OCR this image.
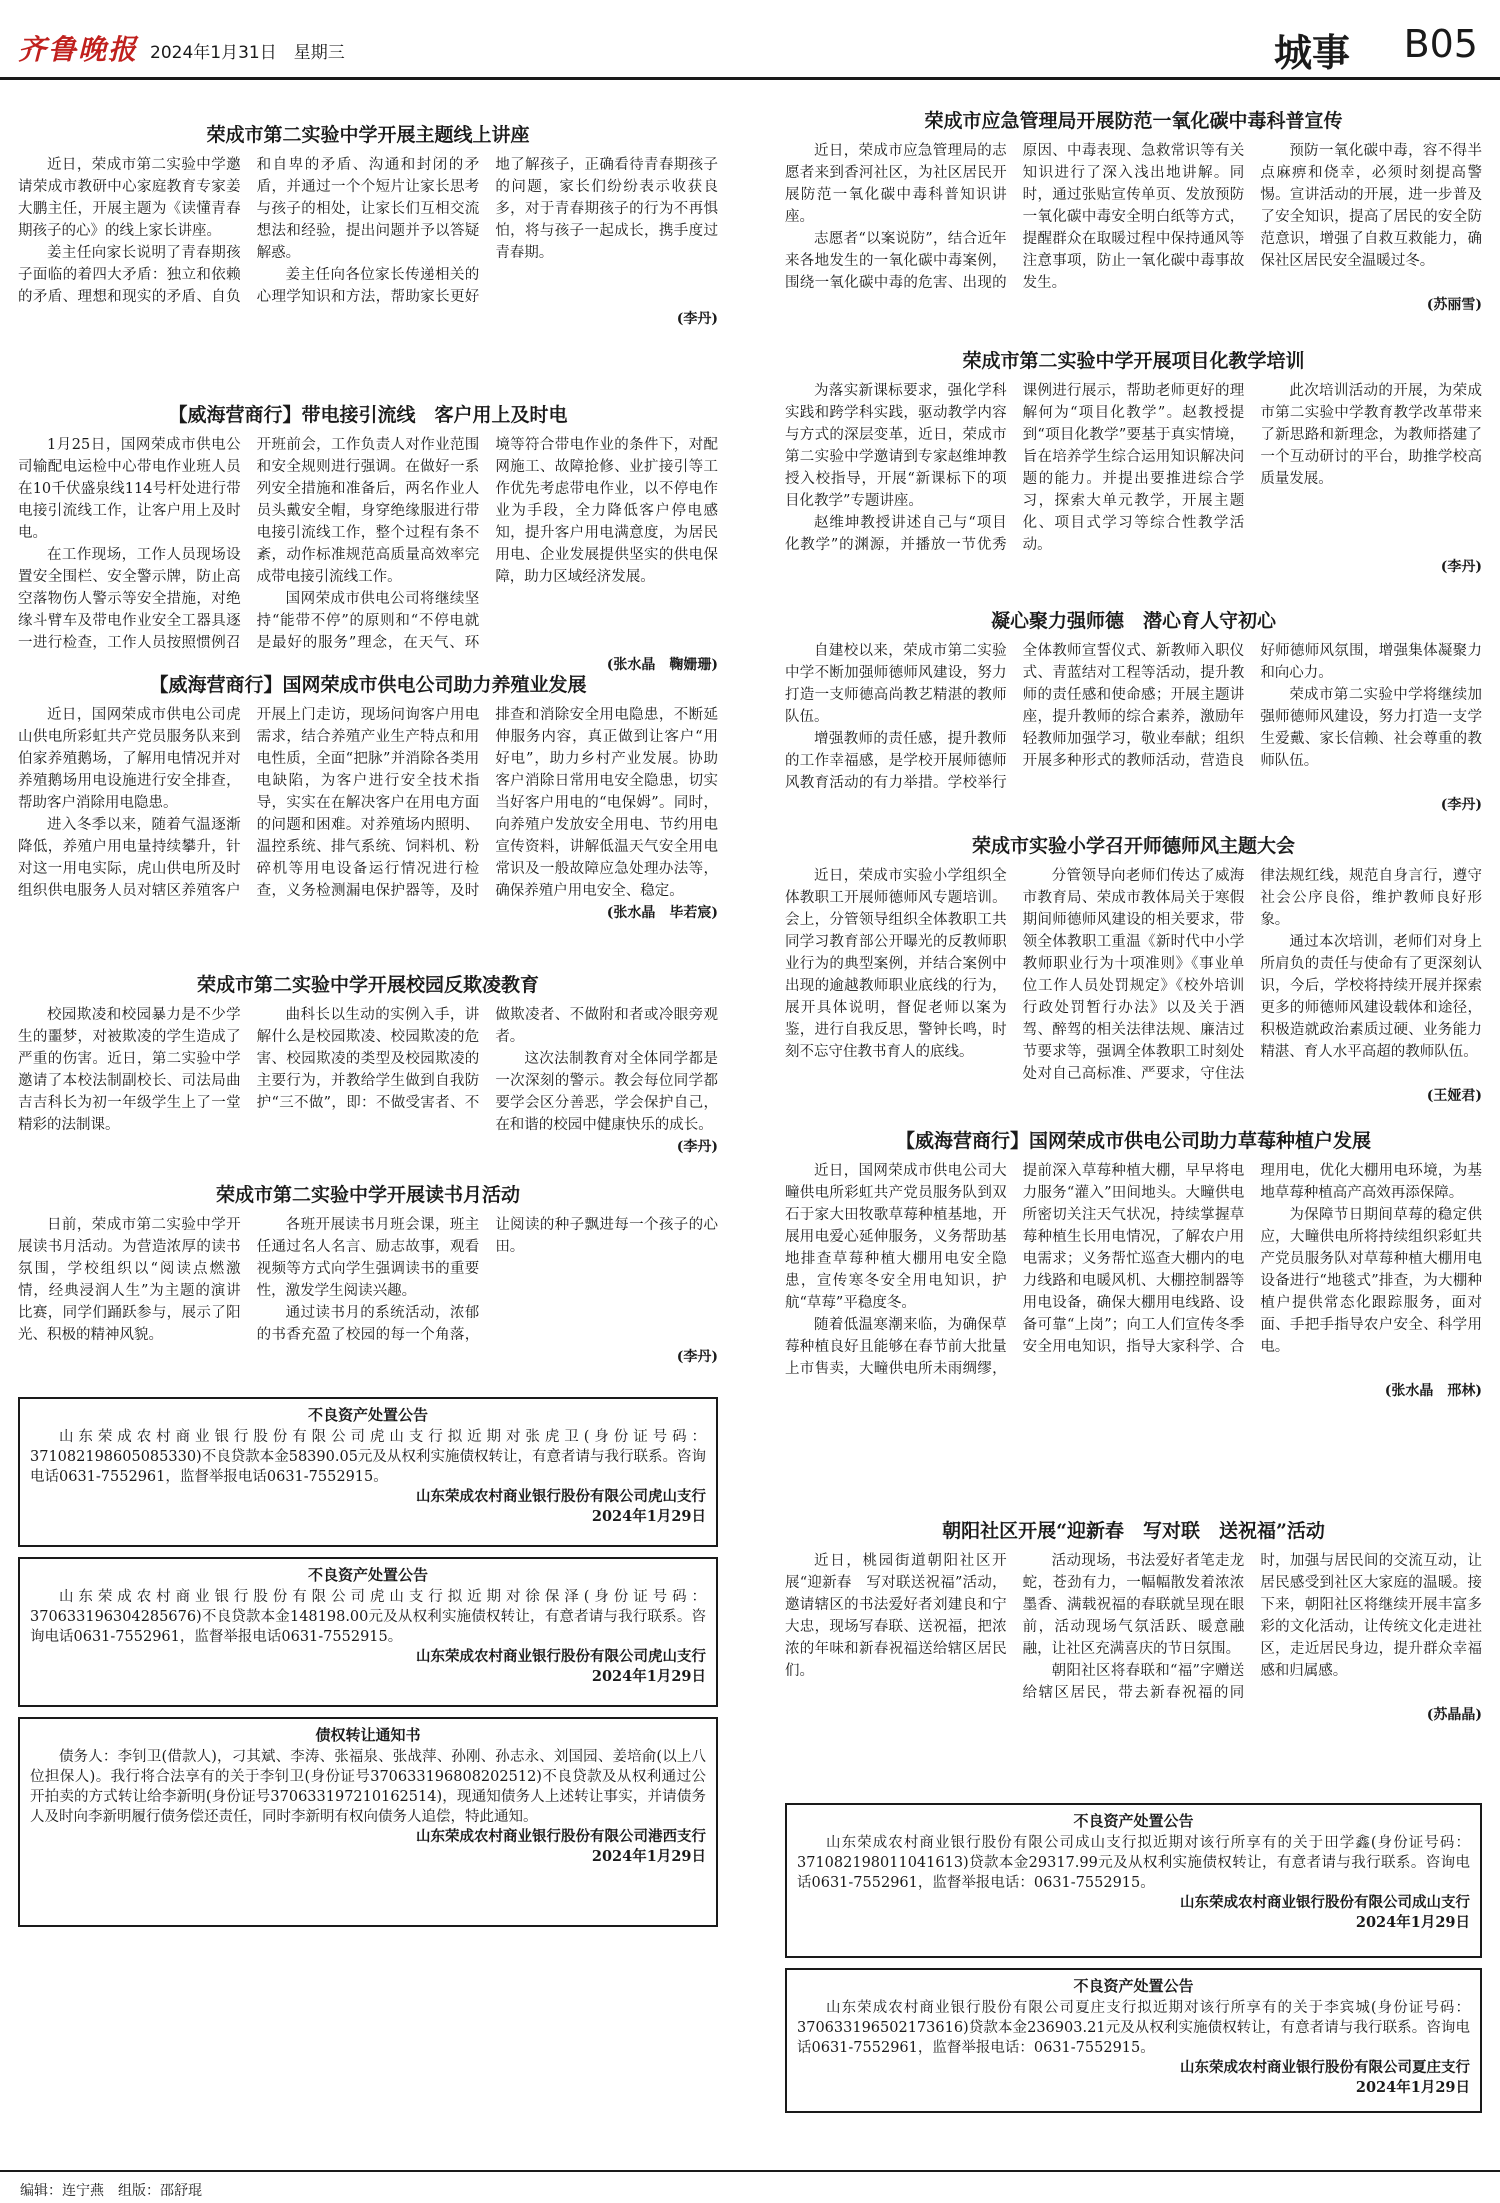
齐鲁晚报 2024年1月31日　星期三	城事 B05
荣成市第二实验中学开展主题线上讲座

近日，荣成市第二实验中学邀请荣成市教研中心家庭教育专家姜大鹏主任，开展主题为《读懂青春期孩子的心》的线上家长讲座。

姜主任向家长说明了青春期孩子面临的着四大矛盾：独立和依赖的矛盾、理想和现实的矛盾、自负和自卑的矛盾、沟通和封闭的矛盾，并通过一个个短片让家长思考与孩子的相处，让家长们互相交流想法和经验，提出问题并予以答疑解惑。

姜主任向各位家长传递相关的心理学知识和方法，帮助家长更好地了解孩子，正确看待青春期孩子的问题，家长们纷纷表示收获良多，对于青春期孩子的行为不再惧怕，将与孩子一起成长，携手度过青春期。

(李丹)
【威海营商行】带电接引流线　客户用上及时电

1月25日，国网荣成市供电公司输配电运检中心带电作业班人员在10千伏盛泉线114号杆处进行带电接引流线工作，让客户用上及时电。

在工作现场，工作人员现场设置安全围栏、安全警示牌，防止高空落物伤人警示等安全措施，对绝缘斗臂车及带电作业安全工器具逐一进行检查，工作人员按照惯例召开班前会，工作负责人对作业范围和安全规则进行强调。在做好一系列安全措施和准备后，两名作业人员头戴安全帽，身穿绝缘服进行带电接引流线工作，整个过程有条不紊，动作标准规范高质量高效率完成带电接引流线工作。

国网荣成市供电公司将继续坚持“能带不停”的原则和“不停电就是最好的服务”理念，在天气、环境等符合带电作业的条件下，对配网施工、故障抢修、业扩接引等工作优先考虑带电作业，以不停电作业为手段，全力降低客户停电感知，提升客户用电满意度，为居民用电、企业发展提供坚实的供电保障，助力区域经济发展。

(张水晶　鞠姗珊)
【威海营商行】国网荣成市供电公司助力养殖业发展

近日，国网荣成市供电公司虎山供电所彩虹共产党员服务队来到伯家养殖鹅场，了解用电情况并对养殖鹅场用电设施进行安全排查，帮助客户消除用电隐患。

进入冬季以来，随着气温逐渐降低，养殖户用电量持续攀升，针对这一用电实际，虎山供电所及时组织供电服务人员对辖区养殖客户开展上门走访，现场问询客户用电需求，结合养殖产业生产特点和用电性质，全面“把脉”并消除各类用电缺陷，为客户进行安全技术指导，实实在在解决客户在用电方面的问题和困难。对养殖场内照明、温控系统、排气系统、饲料机、粉碎机等用电设备运行情况进行检查，义务检测漏电保护器等，及时排查和消除安全用电隐患，不断延伸服务内容，真正做到让客户“用好电”，助力乡村产业发展。协助客户消除日常用电安全隐患，切实当好客户用电的“电保姆”。同时，向养殖户发放安全用电、节约用电宣传资料，讲解低温天气安全用电常识及一般故障应急处理办法等，确保养殖户用电安全、稳定。

(张水晶　毕若宸)
荣成市第二实验中学开展校园反欺凌教育

校园欺凌和校园暴力是不少学生的噩梦，对被欺凌的学生造成了严重的伤害。近日，第二实验中学邀请了本校法制副校长、司法局曲吉吉科长为初一年级学生上了一堂精彩的法制课。

曲科长以生动的实例入手，讲解什么是校园欺凌、校园欺凌的危害、校园欺凌的类型及校园欺凌的主要行为，并教给学生做到自我防护“三不做”，即：不做受害者、不做欺凌者、不做附和者或冷眼旁观者。

这次法制教育对全体同学都是一次深刻的警示。教会每位同学都要学会区分善恶，学会保护自己，在和谐的校园中健康快乐的成长。

(李丹)
荣成市第二实验中学开展读书月活动

日前，荣成市第二实验中学开展读书月活动。为营造浓厚的读书氛围，学校组织以“阅读点燃激情，经典浸润人生”为主题的演讲比赛，同学们踊跃参与，展示了阳光、积极的精神风貌。

各班开展读书月班会课，班主任通过名人名言、励志故事，观看视频等方式向学生强调读书的重要性，激发学生阅读兴趣。

通过读书月的系统活动，浓郁的书香充盈了校园的每一个角落，让阅读的种子飘进每一个孩子的心田。

(李丹)
不良资产处置公告

山东荣成农村商业银行股份有限公司虎山支行拟近期对张虎卫(身份证号码：371082198605085330)不良贷款本金58390.05元及从权利实施债权转让，有意者请与我行联系。咨询电话0631-7552961，监督举报电话0631-7552915。

山东荣成农村商业银行股份有限公司虎山支行

2024年1月29日

不良资产处置公告

山东荣成农村商业银行股份有限公司虎山支行拟近期对徐保泽(身份证号码：370633196304285676)不良贷款本金148198.00元及从权利实施债权转让，有意者请与我行联系。咨询电话0631-7552961，监督举报电话0631-7552915。

山东荣成农村商业银行股份有限公司虎山支行

2024年1月29日

债权转让通知书

债务人：李钊卫(借款人)，刁其斌、李涛、张福泉、张战萍、孙刚、孙志永、刘国园、姜培俞(以上八位担保人)。我行将合法享有的关于李钊卫(身份证号370633196808202512)不良贷款及从权利通过公开拍卖的方式转让给李新明(身份证号370633197210162514)，现通知债务人上述转让事实，并请债务人及时向李新明履行债务偿还责任，同时李新明有权向债务人追偿，特此通知。

山东荣成农村商业银行股份有限公司港西支行

2024年1月29日

荣成市应急管理局开展防范一氧化碳中毒科普宣传

近日，荣成市应急管理局的志愿者来到香河社区，为社区居民开展防范一氧化碳中毒科普知识讲座。

志愿者“以案说防”，结合近年来各地发生的一氧化碳中毒案例，围绕一氧化碳中毒的危害、出现的原因、中毒表现、急救常识等有关知识进行了深入浅出地讲解。同时，通过张贴宣传单页、发放预防一氧化碳中毒安全明白纸等方式，提醒群众在取暖过程中保持通风等注意事项，防止一氧化碳中毒事故发生。

预防一氧化碳中毒，容不得半点麻痹和侥幸，必须时刻提高警惕。宣讲活动的开展，进一步普及了安全知识，提高了居民的安全防范意识，增强了自救互救能力，确保社区居民安全温暖过冬。

(苏丽雪)
荣成市第二实验中学开展项目化教学培训

为落实新课标要求，强化学科实践和跨学科实践，驱动教学内容与方式的深层变革，近日，荣成市第二实验中学邀请到专家赵维坤教授入校指导，开展“新课标下的项目化教学”专题讲座。

赵维坤教授讲述自己与“项目化教学”的渊源，并播放一节优秀课例进行展示，帮助老师更好的理解何为“项目化教学”。赵教授提到“项目化教学”要基于真实情境，旨在培养学生综合运用知识解决问题的能力。并提出要推进综合学习，探索大单元教学，开展主题化、项目式学习等综合性教学活动。

此次培训活动的开展，为荣成市第二实验中学教育教学改革带来了新思路和新理念，为教师搭建了一个互动研讨的平台，助推学校高质量发展。

(李丹)
凝心聚力强师德　潜心育人守初心

自建校以来，荣成市第二实验中学不断加强师德师风建设，努力打造一支师德高尚教艺精湛的教师队伍。

增强教师的责任感，提升教师的工作幸福感，是学校开展师德师风教育活动的有力举措。学校举行全体教师宣誓仪式、新教师入职仪式、青蓝结对工程等活动，提升教师的责任感和使命感；开展主题讲座，提升教师的综合素养，激励年轻教师加强学习，敬业奉献；组织开展多种形式的教师活动，营造良好师德师风氛围，增强集体凝聚力和向心力。

荣成市第二实验中学将继续加强师德师风建设，努力打造一支学生爱戴、家长信赖、社会尊重的教师队伍。

(李丹)
荣成市实验小学召开师德师风主题大会

近日，荣成市实验小学组织全体教职工开展师德师风专题培训。会上，分管领导组织全体教职工共同学习教育部公开曝光的反教师职业行为的典型案例，并结合案例中出现的逾越教师职业底线的行为，展开具体说明，督促老师以案为鉴，进行自我反思，警钟长鸣，时刻不忘守住教书育人的底线。

分管领导向老师们传达了威海市教育局、荣成市教体局关于寒假期间师德师风建设的相关要求，带领全体教职工重温《新时代中小学教师职业行为十项准则》《事业单位工作人员处罚规定》《校外培训行政处罚暂行办法》以及关于酒驾、醉驾的相关法律法规、廉洁过节要求等，强调全体教职工时刻处处对自己高标准、严要求，守住法律法规红线，规范自身言行，遵守社会公序良俗，维护教师良好形象。

通过本次培训，老师们对身上所肩负的责任与使命有了更深刻认识，今后，学校将持续开展并探索更多的师德师风建设载体和途径，积极造就政治素质过硬、业务能力精湛、育人水平高超的教师队伍。

(王娅君)
【威海营商行】国网荣成市供电公司助力草莓种植户发展

近日，国网荣成市供电公司大疃供电所彩虹共产党员服务队到双石于家大田牧歌草莓种植基地，开展用电爱心延伸服务，义务帮助基地排查草莓种植大棚用电安全隐患，宣传寒冬安全用电知识，护航“草莓”平稳度冬。

随着低温寒潮来临，为确保草莓种植良好且能够在春节前大批量上市售卖，大疃供电所未雨绸缪，提前深入草莓种植大棚，早早将电力服务“灌入”田间地头。大疃供电所密切关注天气状况，持续掌握草莓种植生长用电情况，了解农户用电需求；义务帮忙巡查大棚内的电力线路和电暖风机、大棚控制器等用电设备，确保大棚用电线路、设备可靠“上岗”；向工人们宣传冬季安全用电知识，指导大家科学、合理用电，优化大棚用电环境，为基地草莓种植高产高效再添保障。

为保障节日期间草莓的稳定供应，大疃供电所将持续组织彩虹共产党员服务队对草莓种植大棚用电设备进行“地毯式”排查，为大棚种植户提供常态化跟踪服务，面对面、手把手指导农户安全、科学用电。

(张水晶　邢林)
朝阳社区开展“迎新春　写对联　送祝福”活动

近日，桃园街道朝阳社区开展“迎新春　写对联送祝福”活动，邀请辖区的书法爱好者刘建良和宁大忠，现场写春联、送祝福，把浓浓的年味和新春祝福送给辖区居民们。

活动现场，书法爱好者笔走龙蛇，苍劲有力，一幅幅散发着浓浓墨香、满载祝福的春联就呈现在眼前，活动现场气氛活跃、暖意融融，让社区充满喜庆的节日氛围。

朝阳社区将春联和“福”字赠送给辖区居民，带去新春祝福的同时，加强与居民间的交流互动，让居民感受到社区大家庭的温暖。接下来，朝阳社区将继续开展丰富多彩的文化活动，让传统文化走进社区，走近居民身边，提升群众幸福感和归属感。

(苏晶晶)
不良资产处置公告

山东荣成农村商业银行股份有限公司成山支行拟近期对该行所享有的关于田学鑫(身份证号码：371082198011041613)贷款本金29317.99元及从权利实施债权转让，有意者请与我行联系。咨询电话0631-7552961，监督举报电话：0631-7552915。

山东荣成农村商业银行股份有限公司成山支行

2024年1月29日

不良资产处置公告

山东荣成农村商业银行股份有限公司夏庄支行拟近期对该行所享有的关于李宾城(身份证号码：370633196502173616)贷款本金236903.21元及从权利实施债权转让，有意者请与我行联系。咨询电话0631-7552961，监督举报电话：0631-7552915。

山东荣成农村商业银行股份有限公司夏庄支行

2024年1月29日

编辑：连宁燕　组版：邵舒琨
